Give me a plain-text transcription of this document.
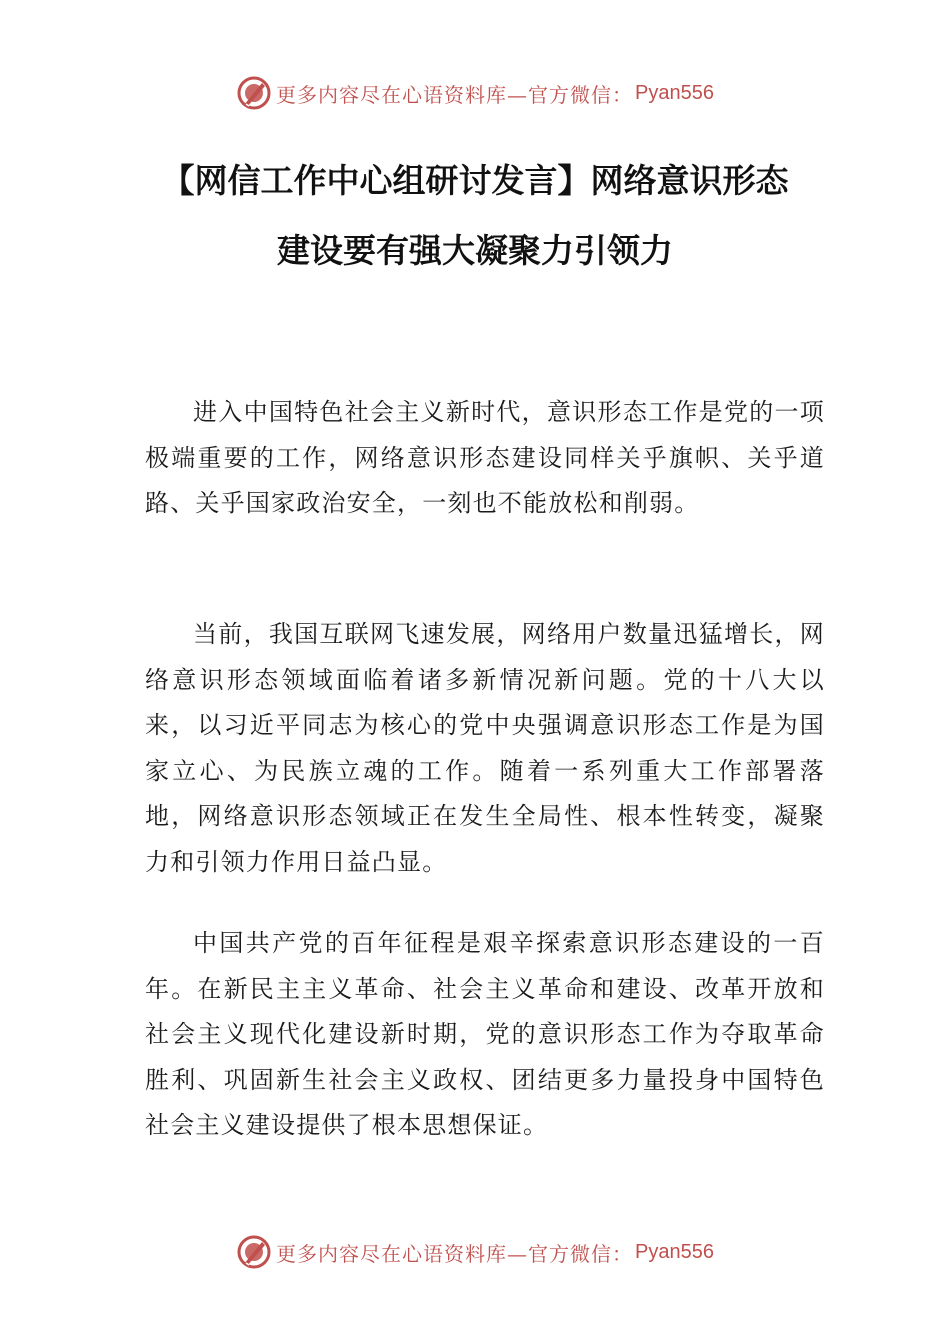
更多内容尽在心语资料库—官方微信： Pyan556
【网信工作中心组研讨发言】网络意识形态
建设要有强大凝聚力引领力

进入中国特色社会主义新时代，意识形态工作是党的一项极端重要的工作，网络意识形态建设同样关乎旗帜、关乎道路、关乎国家政治安全，一刻也不能放松和削弱。

当前，我国互联网飞速发展，网络用户数量迅猛增长，网络意识形态领域面临着诸多新情况新问题。党的十八大以来，以习近平同志为核心的党中央强调意识形态工作是为国家立心、为民族立魂的工作。随着一系列重大工作部署落地，网络意识形态领域正在发生全局性、根本性转变，凝聚力和引领力作用日益凸显。

中国共产党的百年征程是艰辛探索意识形态建设的一百年。在新民主主义革命、社会主义革命和建设、改革开放和社会主义现代化建设新时期，党的意识形态工作为夺取革命胜利、巩固新生社会主义政权、团结更多力量投身中国特色社会主义建设提供了根本思想保证。

更多内容尽在心语资料库—官方微信： Pyan556
